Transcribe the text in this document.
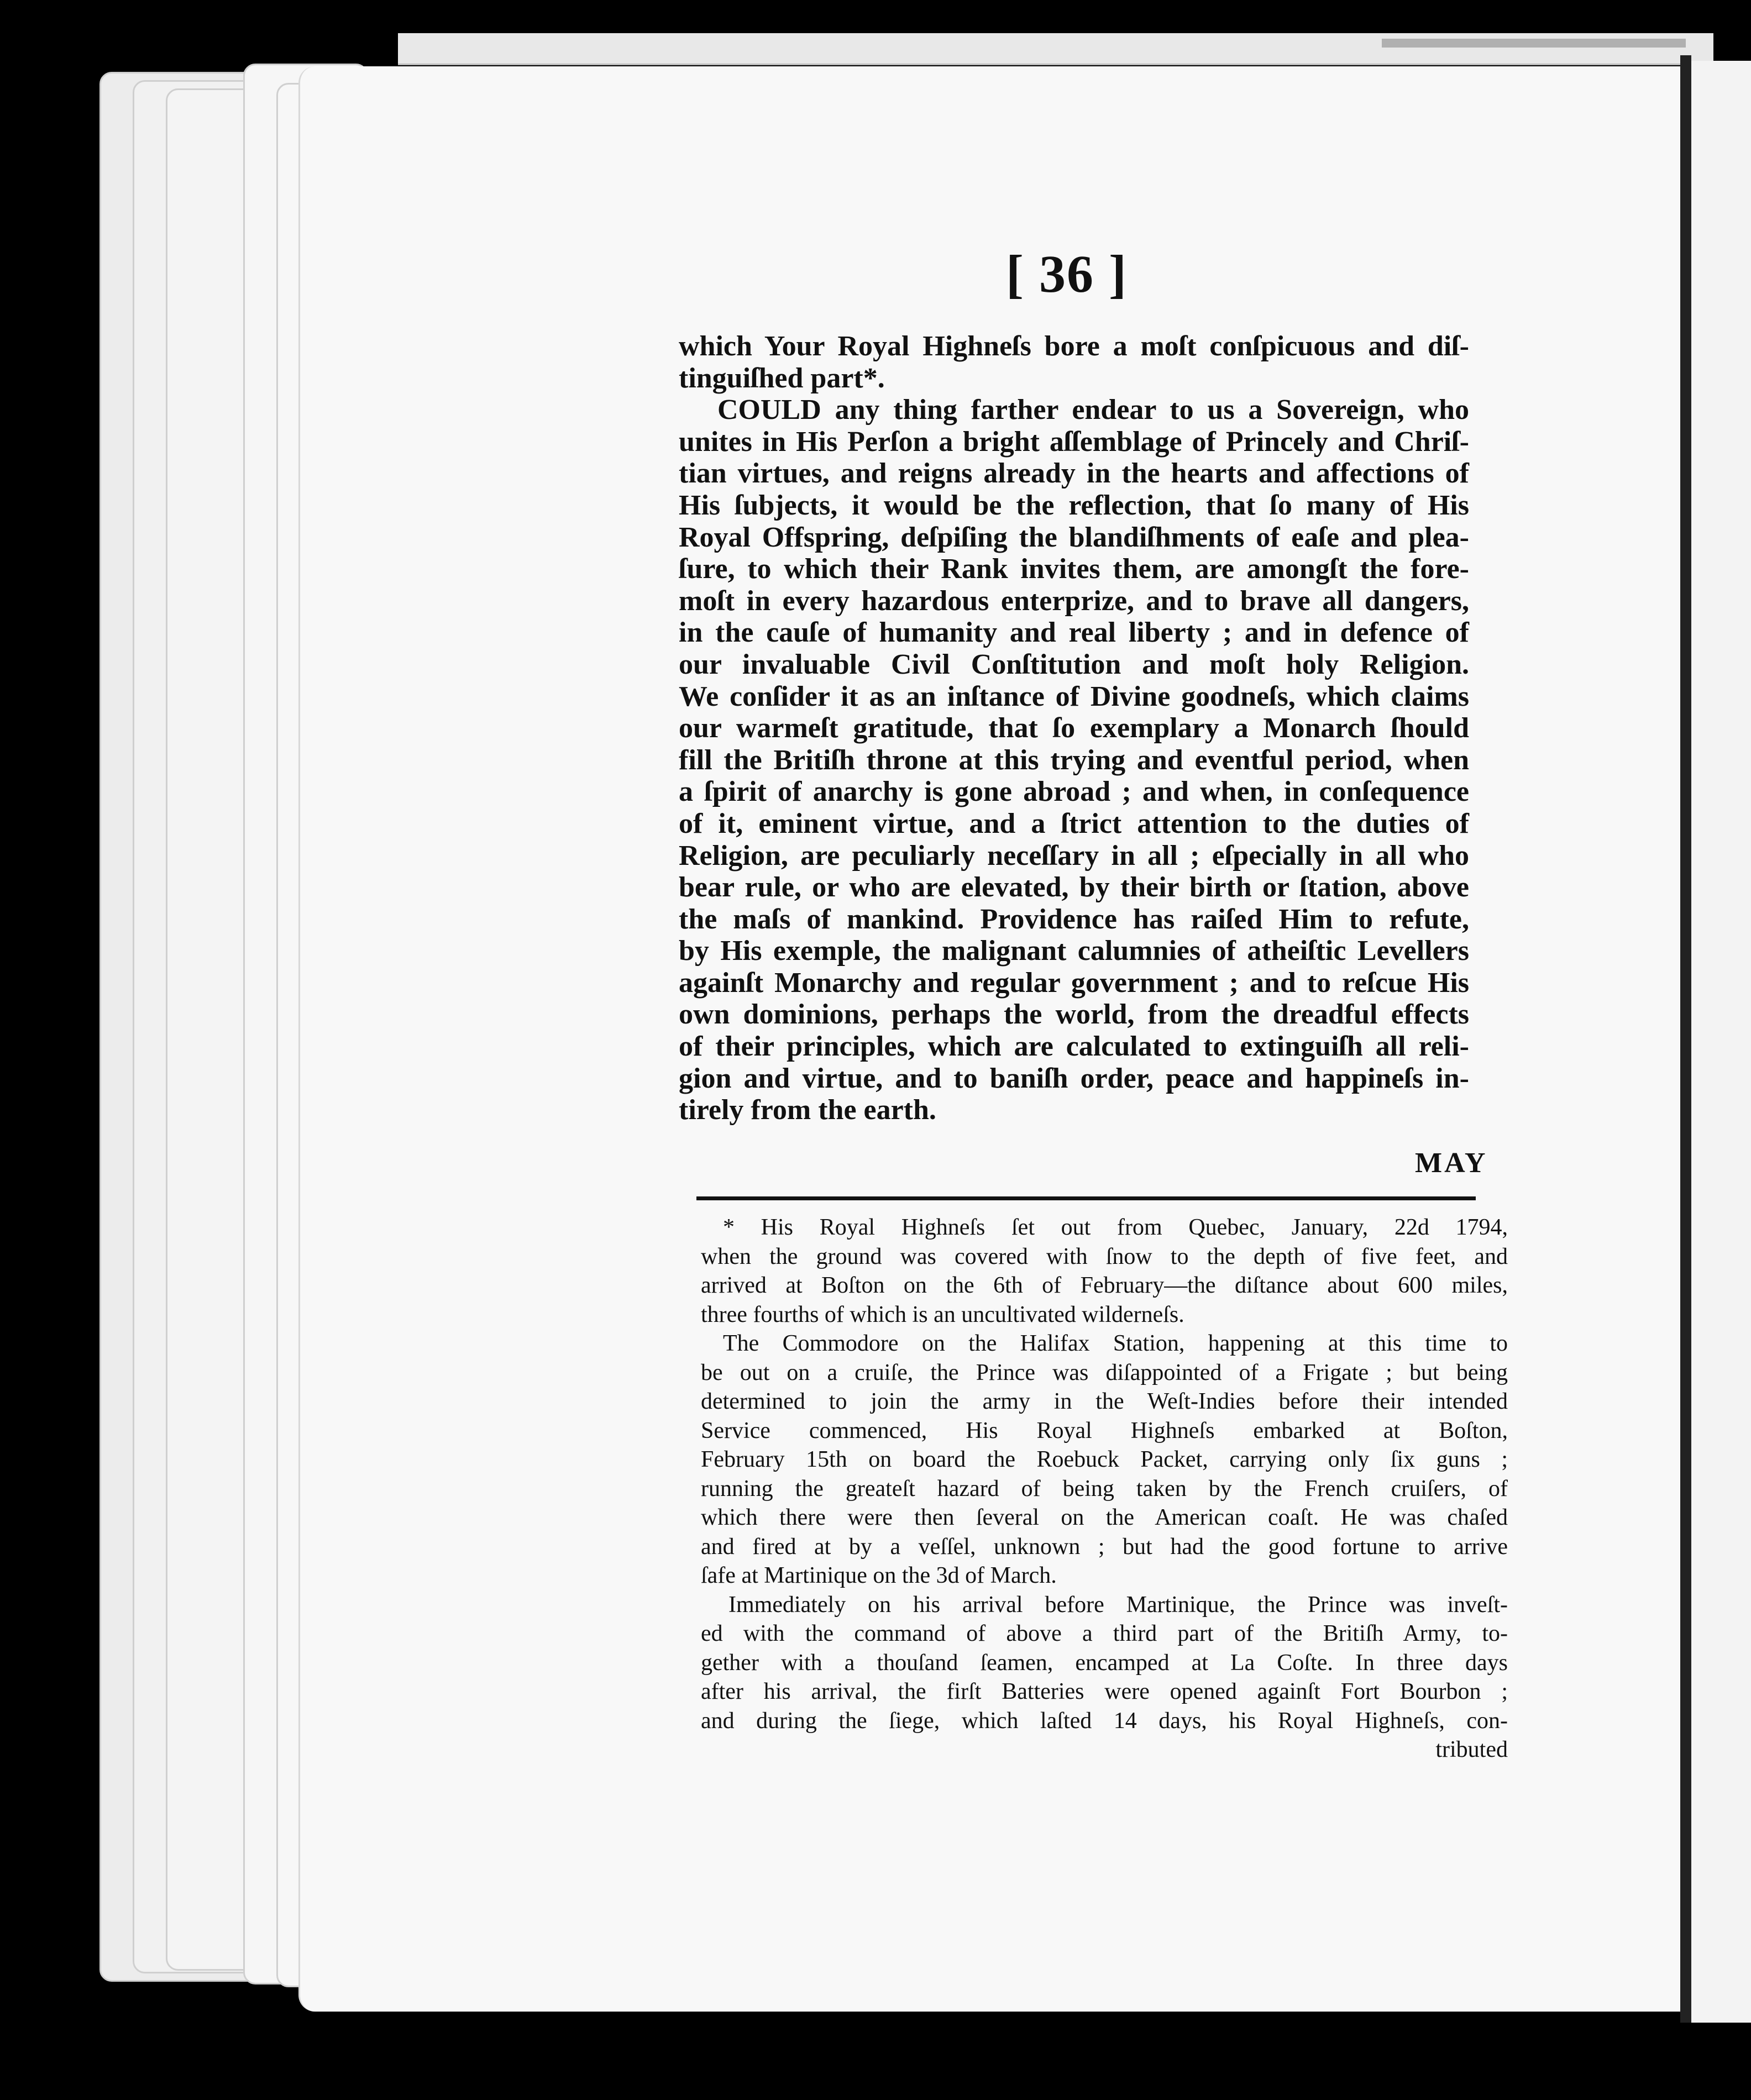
[ 36 ]
which Your Royal Highneſs bore a moſt conſpicuous and diſ-
tinguiſhed part*.
COULD any thing farther endear to us a Sovereign, who
unites in His Perſon a bright aſſemblage of Princely and Chriſ-
tian virtues, and reigns already in the hearts and affections of
His ſubjects, it would be the reflection, that ſo many of His
Royal Offspring, deſpiſing the blandiſhments of eaſe and plea-
ſure, to which their Rank invites them, are amongſt the fore-
moſt in every hazardous enterprize, and to brave all dangers,
in the cauſe of humanity and real liberty ; and in defence of
our invaluable Civil Conſtitution and moſt holy Religion.
We conſider it as an inſtance of Divine goodneſs, which claims
our warmeſt gratitude, that ſo exemplary a Monarch ſhould
fill the Britiſh throne at this trying and eventful period, when
a ſpirit of anarchy is gone abroad ; and when, in conſequence
of it, eminent virtue, and a ſtrict attention to the duties of
Religion, are peculiarly neceſſary in all ; eſpecially in all who
bear rule, or who are elevated, by their birth or ſtation, above
the maſs of mankind. Providence has raiſed Him to refute,
by His exemple, the malignant calumnies of atheiſtic Levellers
againſt Monarchy and regular government ; and to reſcue His
own dominions, perhaps the world, from the dreadful effects
of their principles, which are calculated to extinguiſh all reli-
gion and virtue, and to baniſh order, peace and happineſs in-
tirely from the earth.
MAY
* His Royal Highneſs ſet out from Quebec, January, 22d 1794,
when the ground was covered with ſnow to the depth of five feet, and
arrived at Boſton on the 6th of February—the diſtance about 600 miles,
three fourths of which is an uncultivated wilderneſs.
The Commodore on the Halifax Station, happening at this time to
be out on a cruiſe, the Prince was diſappointed of a Frigate ; but being
determined to join the army in the Weſt-Indies before their intended
Service commenced, His Royal Highneſs embarked at Boſton,
February 15th on board the Roebuck Packet, carrying only ſix guns ;
running the greateſt hazard of being taken by the French cruiſers, of
which there were then ſeveral on the American coaſt. He was chaſed
and fired at by a veſſel, unknown ; but had the good fortune to arrive
ſafe at Martinique on the 3d of March.
Immediately on his arrival before Martinique, the Prince was inveſt-
ed with the command of above a third part of the Britiſh Army, to-
gether with a thouſand ſeamen, encamped at La Coſte. In three days
after his arrival, the firſt Batteries were opened againſt Fort Bourbon ;
and during the ſiege, which laſted 14 days, his Royal Highneſs, con-
tributed
